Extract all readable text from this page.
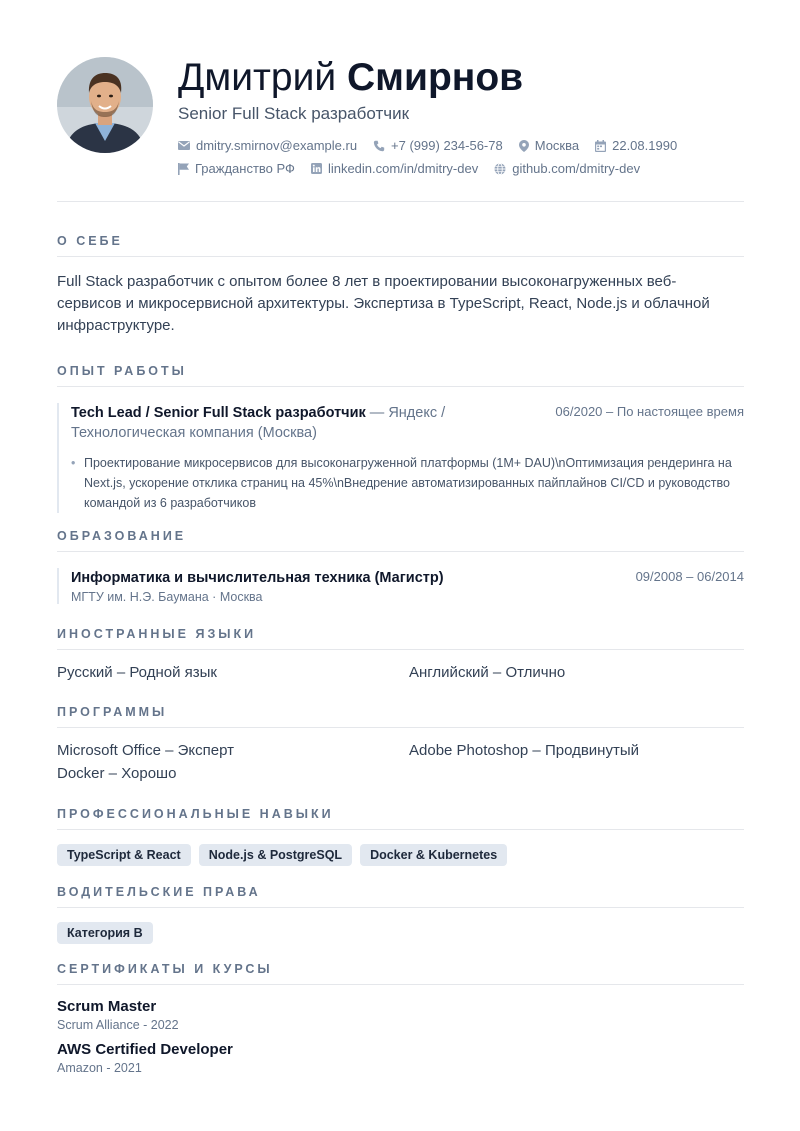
Дмитрий Смирнов
Senior Full Stack разработчик
dmitry.smirnov@example.ru	+7 (999) 234-56-78 Москва	22.08.1990
Гражданство РФ	linkedin.com/in/dmitry-dev	github.com/dmitry-dev
О СЕБЕ
Full Stack разработчик с опытом более 8 лет в проектировании высоконагруженных веб-сервисов и микросервисной архитектуры. Экспертиза в TypeScript, React, Node.js и облачной инфраструктуре.
ОПЫТ РАБОТЫ
Tech Lead / Senior Full Stack разработчик — Яндекс / Технологическая компания (Москва)
06/2020 – По настоящее время
• Проектирование микросервисов для высоконагруженной платформы (1M+ DAU)\nОптимизация рендеринга на Next.js, ускорение отклика страниц на 45%\nВнедрение автоматизированных пайплайнов CI/CD и руководство командой из 6 разработчиков
ОБРАЗОВАНИЕ
Информатика и вычислительная техника (Магистр)	09/2008 – 06/2014
МГТУ им. Н.Э. Баумана · Москва
ИНОСТРАННЫЕ ЯЗЫКИ
Русский – Родной язык	Английский – Отлично
ПРОГРАММЫ
Microsoft Office – Эксперт	Adobe Photoshop – Продвинутый
Docker – Хорошо
ПРОФЕССИОНАЛЬНЫЕ НАВЫКИ
TypeScript & React	Node.js & PostgreSQL	Docker & Kubernetes
ВОДИТЕЛЬСКИЕ ПРАВА
Категория B
СЕРТИФИКАТЫ И КУРСЫ
Scrum Master
Scrum Alliance - 2022
AWS Certified Developer
Amazon - 2021
